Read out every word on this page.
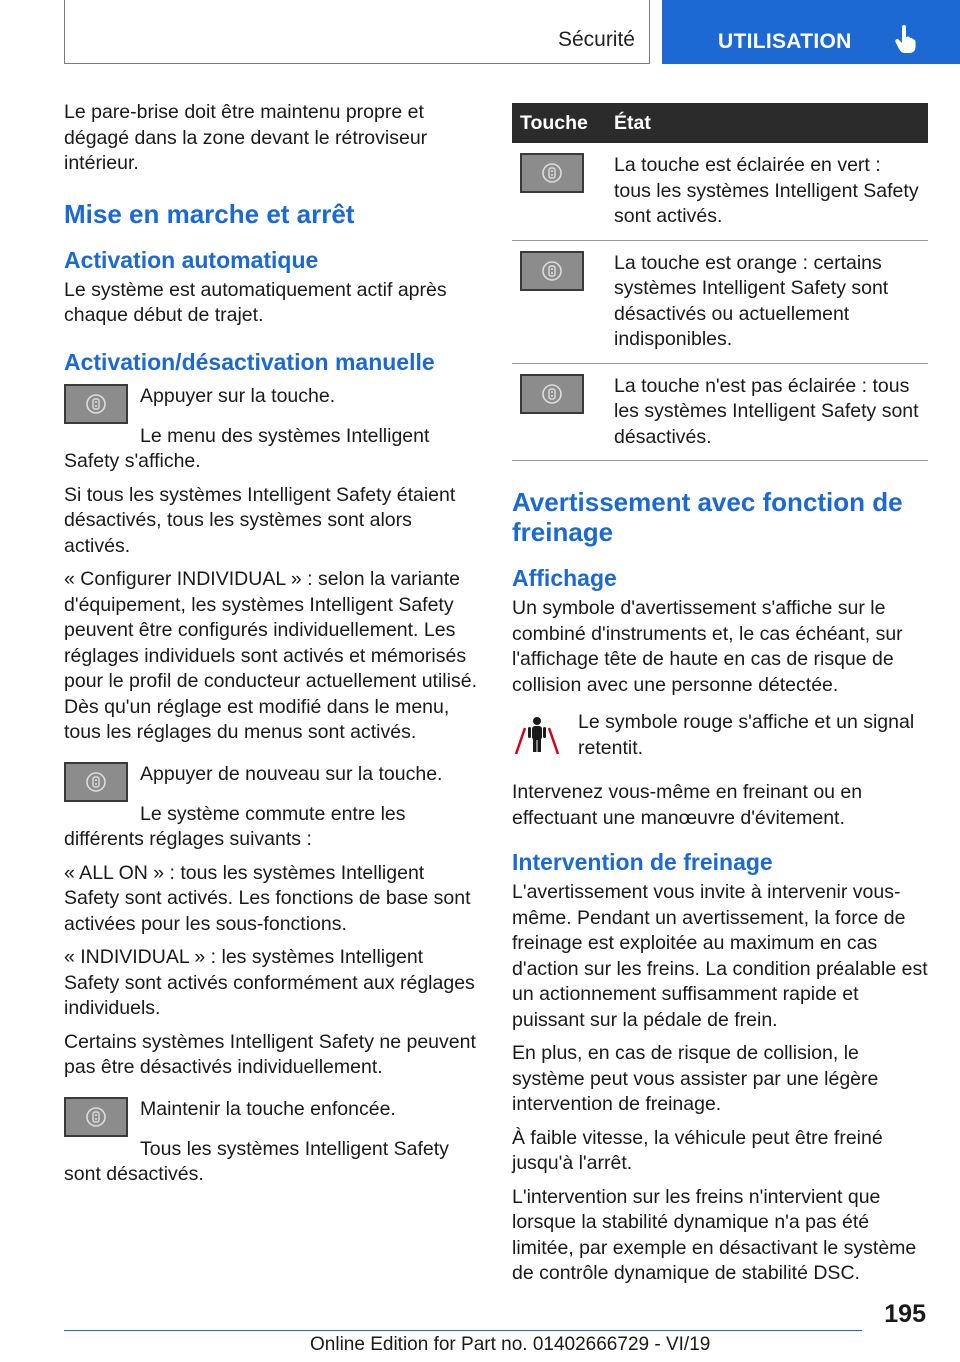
Sécurité	UTILISATION

Le pare-brise doit être maintenu propre et dégagé dans la zone devant le rétroviseur intérieur.

Mise en marche et arrêt
Activation automatique

Le système est automatiquement actif après chaque début de trajet.

Activation/désactivation manuelle

Appuyer sur la touche.

Le menu des systèmes Intelligent Safety s'affiche.

Si tous les systèmes Intelligent Safety étaient désactivés, tous les systèmes sont alors activés.

« Configurer INDIVIDUAL » : selon la variante d'équipement, les systèmes Intelligent Safety peuvent être configurés individuellement. Les réglages individuels sont activés et mémorisés pour le profil de conducteur actuellement utilisé. Dès qu'un réglage est modifié dans le menu, tous les réglages du menus sont activés.

Appuyer de nouveau sur la touche.

Le système commute entre les différents réglages suivants :

« ALL ON » : tous les systèmes Intelligent Safety sont activés. Les fonctions de base sont activées pour les sous-fonctions.

« INDIVIDUAL » : les systèmes Intelligent Safety sont activés conformément aux réglages individuels.

Certains systèmes Intelligent Safety ne peuvent pas être désactivés individuellement.

Maintenir la touche enfoncée.

Tous les systèmes Intelligent Safety sont désactivés.

Touche	État

La touche est éclairée en vert : tous les systèmes Intelligent Safety sont activés.

La touche est orange : certains systèmes Intelligent Safety sont désactivés ou actuellement indisponibles.

La touche n'est pas éclairée : tous les systèmes Intelligent Safety sont désactivés.

Avertissement avec fonction de freinage
Affichage

Un symbole d'avertissement s'affiche sur le combiné d'instruments et, le cas échéant, sur l'affichage tête de haute en cas de risque de collision avec une personne détectée.

Le symbole rouge s'affiche et un signal retentit.

Intervenez vous-même en freinant ou en effectuant une manœuvre d'évitement.

Intervention de freinage

L'avertissement vous invite à intervenir vous-même. Pendant un avertissement, la force de freinage est exploitée au maximum en cas d'action sur les freins. La condition préalable est un actionnement suffisamment rapide et puissant sur la pédale de frein.

En plus, en cas de risque de collision, le système peut vous assister par une légère intervention de freinage.

À faible vitesse, la véhicule peut être freiné jusqu'à l'arrêt.

L'intervention sur les freins n'intervient que lorsque la stabilité dynamique n'a pas été limitée, par exemple en désactivant le système de contrôle dynamique de stabilité DSC.

195
Online Edition for Part no. 01402666729 - VI/19
